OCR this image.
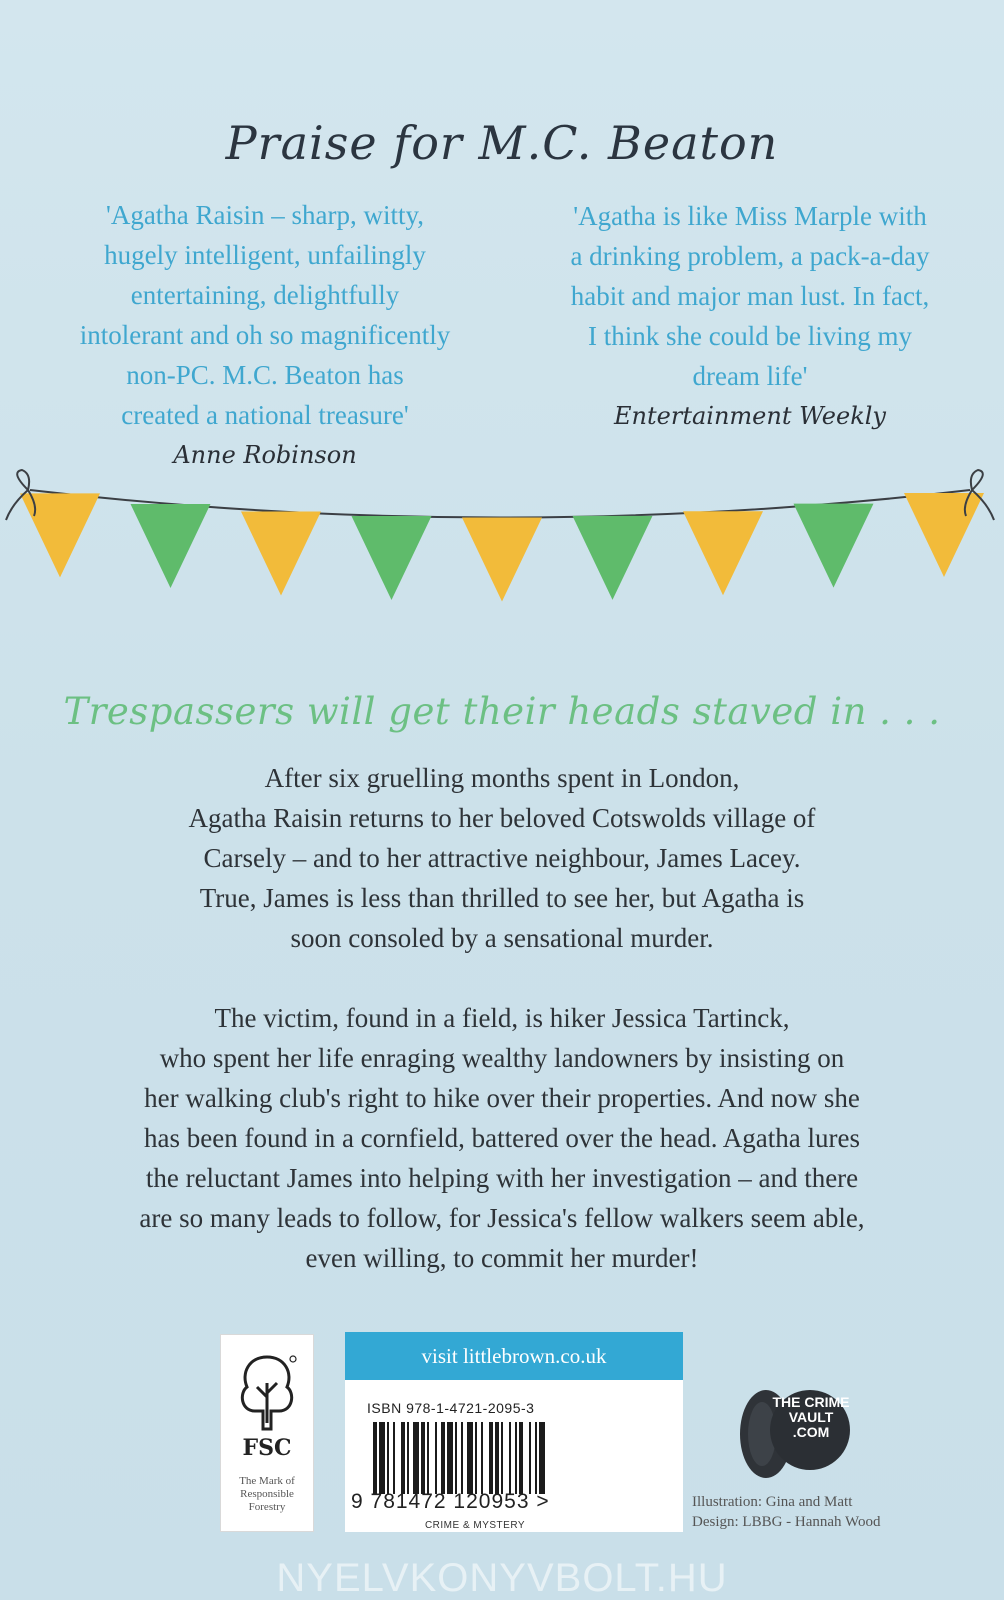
Praise for M.C. Beaton
'Agatha Raisin – sharp, witty,
hugely intelligent, unfailingly
entertaining, delightfully
intolerant and oh so magnificently
non-PC. M.C. Beaton has
created a national treasure'
Anne Robinson
'Agatha is like Miss Marple with
a drinking problem, a pack-a-day
habit and major man lust. In fact,
I think she could be living my
dream life'
Entertainment Weekly
Trespassers will get their heads staved in . . .
After six gruelling months spent in London,
Agatha Raisin returns to her beloved Cotswolds village of
Carsely – and to her attractive neighbour, James Lacey.
True, James is less than thrilled to see her, but Agatha is
soon consoled by a sensational murder.
The victim, found in a field, is hiker Jessica Tartinck,
who spent her life enraging wealthy landowners by insisting on
her walking club's right to hike over their properties. And now she
has been found in a cornfield, battered over the head. Agatha lures
the reluctant James into helping with her investigation – and there
are so many leads to follow, for Jessica's fellow walkers seem able,
even willing, to commit her murder!
FSC
The Mark of
Responsible
Forestry
visit littlebrown.co.uk
ISBN 978-1-4721-2095-3
9 781472 120953 >
CRIME & MYSTERY
THE CRIME VAULT .COM
Illustration: Gina and Matt
Design: LBBG - Hannah Wood
NYELVKONYVBOLT.HU
